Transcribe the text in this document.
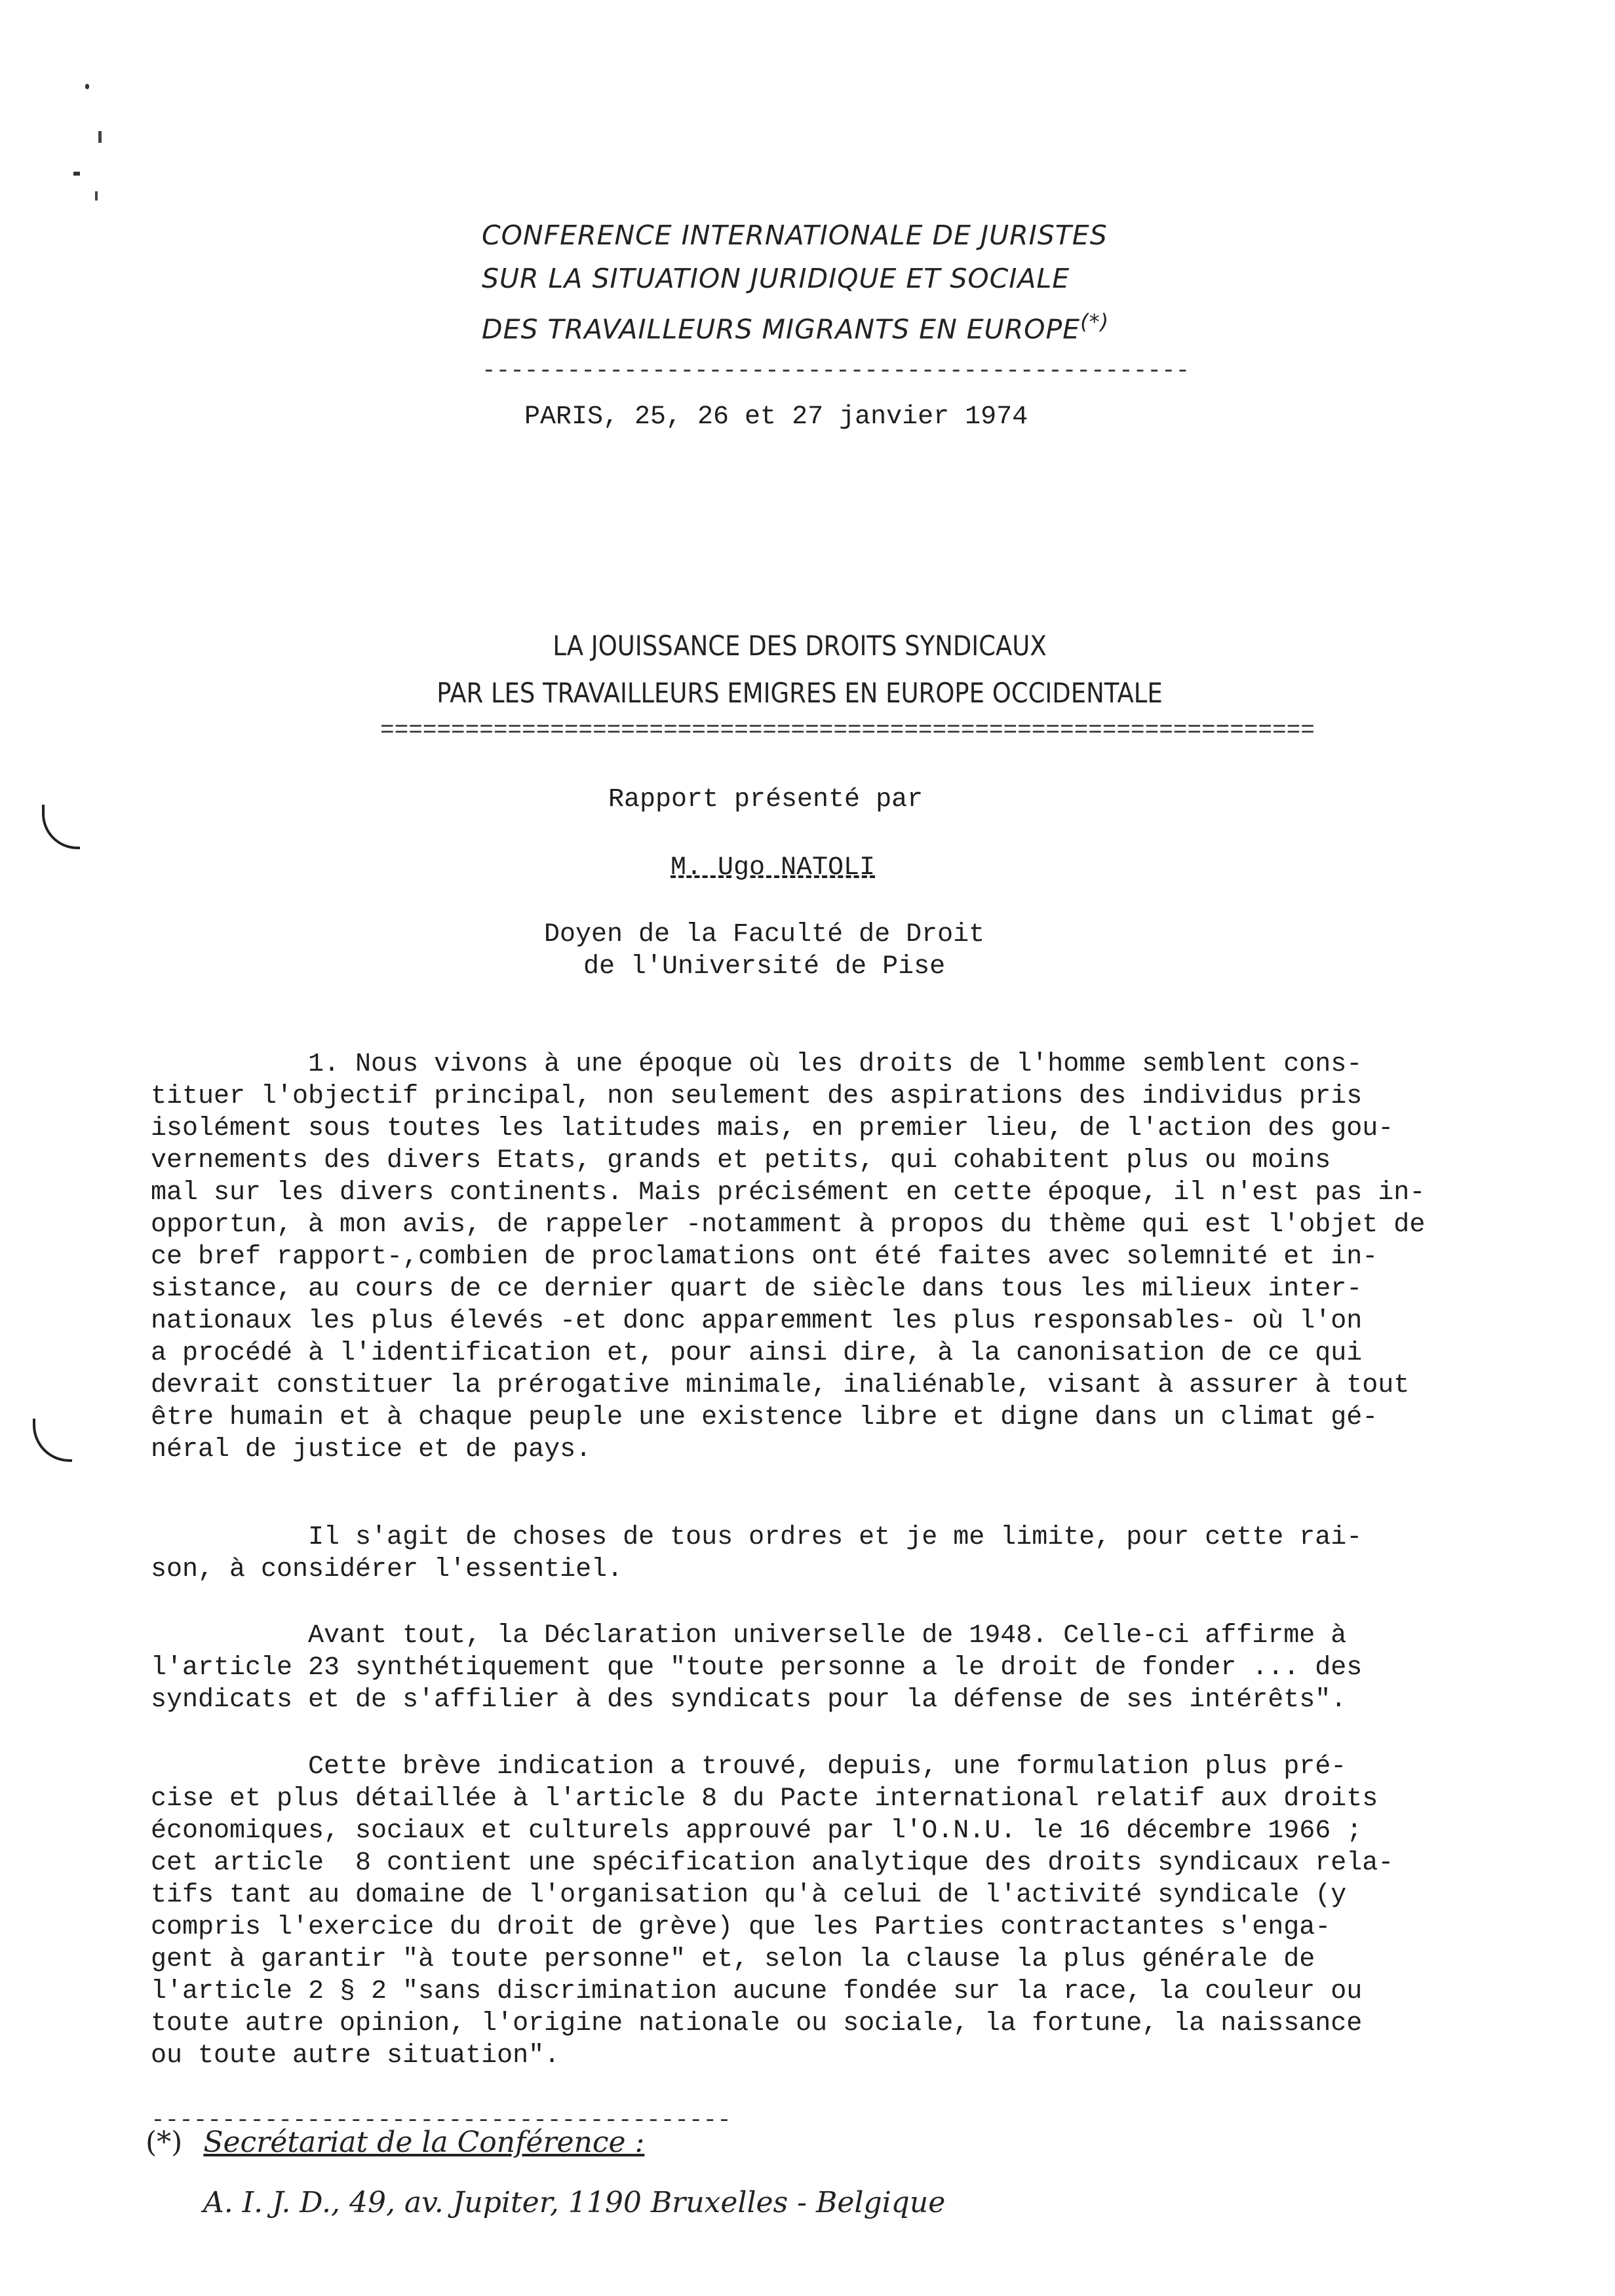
CONFERENCE INTERNATIONALE DE JURISTES
SUR LA SITUATION JURIDIQUE ET SOCIALE
DES TRAVAILLEURS MIGRANTS EN EUROPE(*)
--------------------------------------------------
PARIS, 25, 26 et 27 janvier 1974
LA JOUISSANCE DES DROITS SYNDICAUX
PAR LES TRAVAILLEURS EMIGRES EN EUROPE OCCIDENTALE
==================================================================
Rapport présenté par
M. Ugo NATOLI
Doyen de la Faculté de Droit
de l'Université de Pise
1. Nous vivons à une époque où les droits de l'homme semblent cons-
tituer l'objectif principal, non seulement des aspirations des individus pris
isolément sous toutes les latitudes mais, en premier lieu, de l'action des gou-
vernements des divers Etats, grands et petits, qui cohabitent plus ou moins
mal sur les divers continents. Mais précisément en cette époque, il n'est pas in-
opportun, à mon avis, de rappeler -notamment à propos du thème qui est l'objet de
ce bref rapport-,combien de proclamations ont été faites avec solemnité et in-
sistance, au cours de ce dernier quart de siècle dans tous les milieux inter-
nationaux les plus élevés -et donc apparemment les plus responsables- où l'on
a procédé à l'identification et, pour ainsi dire, à la canonisation de ce qui
devrait constituer la prérogative minimale, inaliénable, visant à assurer à tout
être humain et à chaque peuple une existence libre et digne dans un climat gé-
néral de justice et de pays.
Il s'agit de choses de tous ordres et je me limite, pour cette rai-
son, à considérer l'essentiel.
Avant tout, la Déclaration universelle de 1948. Celle-ci affirme à
l'article 23 synthétiquement que "toute personne a le droit de fonder ... des
syndicats et de s'affilier à des syndicats pour la défense de ses intérêts".
Cette brève indication a trouvé, depuis, une formulation plus pré-
cise et plus détaillée à l'article 8 du Pacte international relatif aux droits
économiques, sociaux et culturels approuvé par l'O.N.U. le 16 décembre 1966 ;
cet article  8 contient une spécification analytique des droits syndicaux rela-
tifs tant au domaine de l'organisation qu'à celui de l'activité syndicale (y
compris l'exercice du droit de grève) que les Parties contractantes s'enga-
gent à garantir "à toute personne" et, selon la clause la plus générale de
l'article 2 § 2 "sans discrimination aucune fondée sur la race, la couleur ou
toute autre opinion, l'origine nationale ou sociale, la fortune, la naissance
ou toute autre situation".
-----------------------------------------
(*) Secrétariat de la Conférence :
A. I. J. D., 49, av. Jupiter, 1190 Bruxelles - Belgique
